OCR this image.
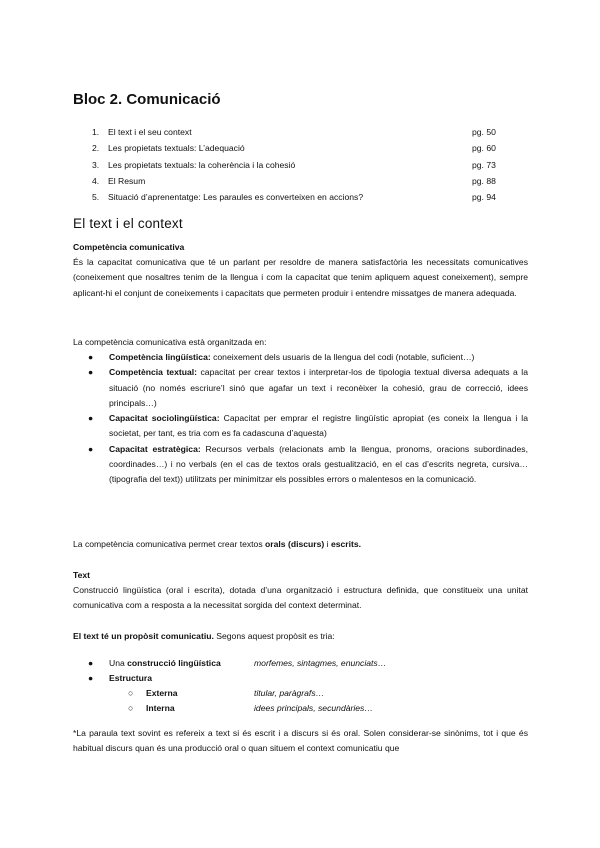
Bloc 2. Comunicació
1.	El text i el seu context	pg. 50
2.	Les propietats textuals: L’adequació	pg. 60
3.	Les propietats textuals: la coherència i la cohesió	pg. 73
4.	El Resum	pg. 88
5.	Situació d’aprenentatge: Les paraules es converteixen en accions?	pg. 94
El text i el context
Competència comunicativa
És la capacitat comunicativa que té un parlant per resoldre de manera satisfactòria les necessitats comunicatives (coneixement que nosaltres tenim de la llengua i com la capacitat que tenim apliquem aquest coneixement), sempre aplicant-hi el conjunt de coneixements i capacitats que permeten produir i entendre missatges de manera adequada.
La competència comunicativa està organitzada en:
● Competència lingüística: coneixement dels usuaris de la llengua del codi (notable, suficient…)
● Competència textual: capacitat per crear textos i interpretar-los de tipologia textual diversa adequats a la situació (no només escriure’l sinó que agafar un text i reconèixer la cohesió, grau de correcció, idees principals…)
● Capacitat sociolingüística: Capacitat per emprar el registre lingüístic apropiat (es coneix la llengua i la societat, per tant, es tria com es fa cadascuna d’aquesta)
● Capacitat estratègica: Recursos verbals (relacionats amb la llengua, pronoms, oracions subordinades, coordinades…) i no verbals (en el cas de textos orals gestualització, en el cas d’escrits negreta, cursiva… (tipografia del text)) utilitzats per minimitzar els possibles errors o malentesos en la comunicació.
La competència comunicativa permet crear textos orals (discurs) i escrits.
Text
Construcció lingüística (oral i escrita), dotada d’una organització i estructura definida, que constitueix una unitat comunicativa com a resposta a la necessitat sorgida del context determinat.
El text té un propòsit comunicatiu. Segons aquest propòsit es tria:
● Una construcció lingüística	morfemes, sintagmes, enunciats…
● Estructura
○ Externa	titular, paràgrafs…
○ Interna	idees principals, secundàries…
*La paraula text sovint es refereix a text si és escrit i a discurs si és oral. Solen considerar-se sinònims, tot i que és habitual discurs quan és una producció oral o quan situem el context comunicatiu que
